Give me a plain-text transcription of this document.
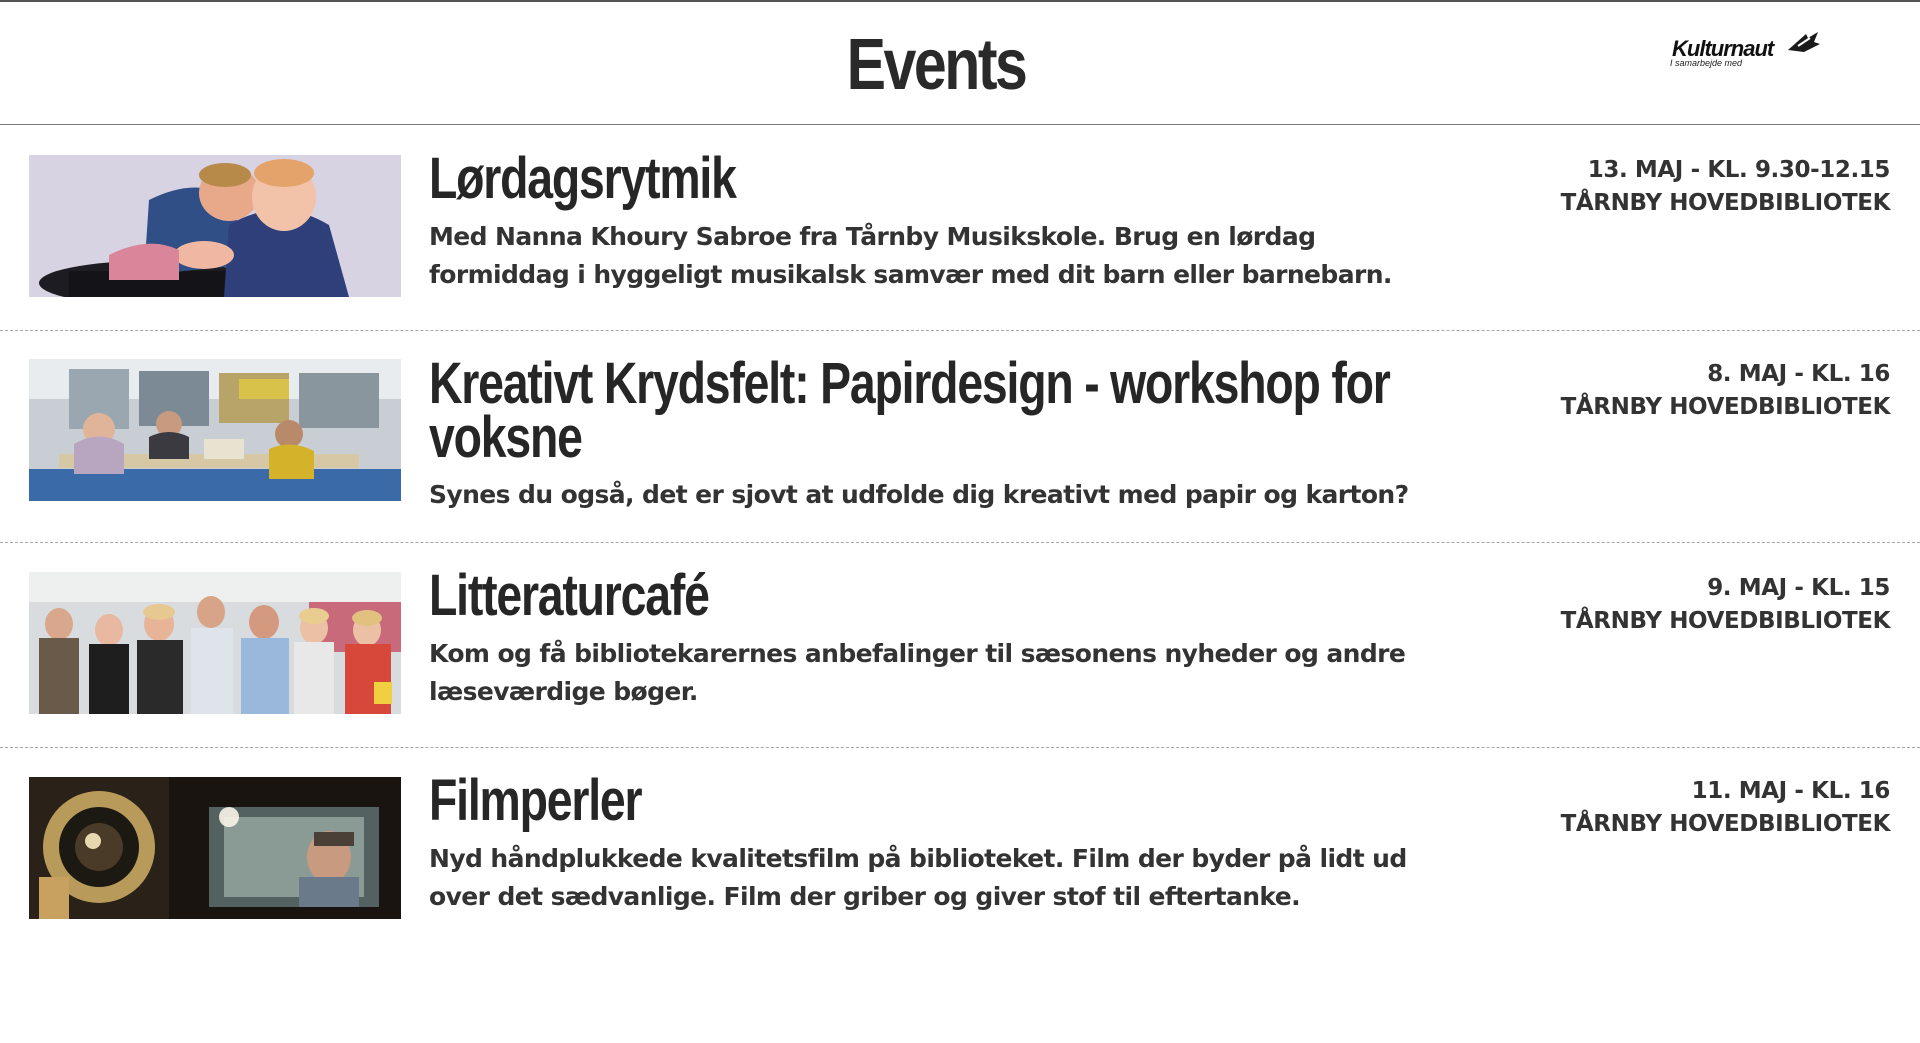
Events	Kulturnaut
I samarbejde med
Lørdagsrytmik
Med Nanna Khoury Sabroe fra Tårnby Musikskole. Brug en lørdag formiddag i hyggeligt musikalsk samvær med dit barn eller barnebarn.
13. MAJ - KL. 9.30-12.15
TÅRNBY HOVEDBIBLIOTEK
Kreativt Krydsfelt: Papirdesign - workshop for voksne
Synes du også, det er sjovt at udfolde dig kreativt med papir og karton?
8. MAJ - KL. 16
TÅRNBY HOVEDBIBLIOTEK
Litteraturcafé
Kom og få bibliotekarernes anbefalinger til sæsonens nyheder og andre læseværdige bøger.
9. MAJ - KL. 15
TÅRNBY HOVEDBIBLIOTEK
Filmperler
Nyd håndplukkede kvalitetsfilm på biblioteket. Film der byder på lidt ud over det sædvanlige. Film der griber og giver stof til eftertanke.
11. MAJ - KL. 16
TÅRNBY HOVEDBIBLIOTEK
